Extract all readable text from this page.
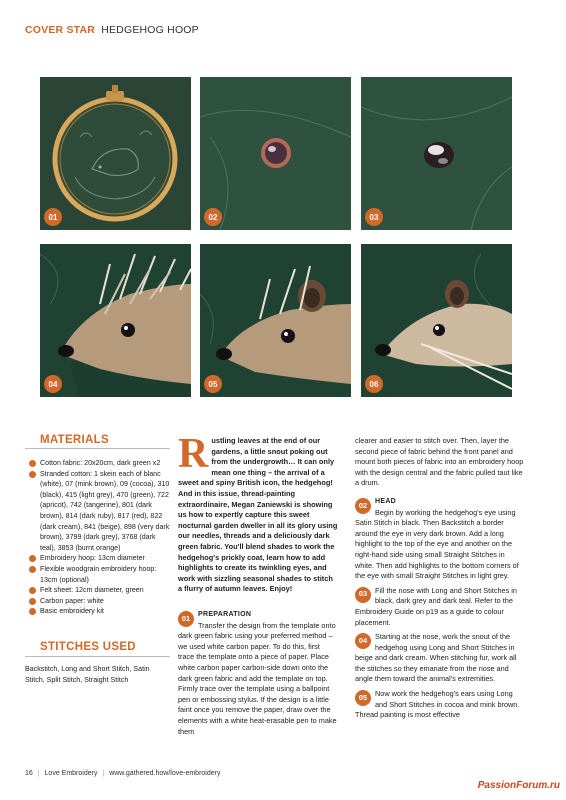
COVER STAR HEDGEHOG HOOP
01	02	03
04	05	06
MATERIALS
Cotton fabric: 20x20cm, dark green x2
Stranded cotton: 1 skein each of blanc (white), 07 (mink brown), 09 (cocoa), 310 (black), 415 (light grey), 470 (green), 722 (apricot), 742 (tangerine), 801 (dark brown), 814 (dark ruby), 817 (red), 822 (dark cream), 841 (beige), 898 (very dark brown), 3799 (dark grey), 3768 (dark teal), 3853 (burnt orange)
Embroidery hoop: 13cm diameter
Flexible woodgrain embroidery hoop: 13cm (optional)
Felt sheet: 12cm diameter, green
Carbon paper: white
Basic embroidery kit
STITCHES USED
Backstitch, Long and Short Stitch, Satin Stitch, Split Stitch, Straight Stitch
Rustling leaves at the end of our gardens, a little snout poking out from the undergrowth… It can only mean one thing – the arrival of a sweet and spiny British icon, the hedgehog! And in this issue, thread-painting extraordinaire, Megan Zaniewski is showing us how to expertly capture this sweet nocturnal garden dweller in all its glory using our needles, threads and a deliciously dark green fabric. You'll blend shades to work the hedgehog's prickly coat, learn how to add highlights to create its twinkling eyes, and work with sizzling seasonal shades to stitch a flurry of autumn leaves. Enjoy!
01	PREPARATION
Transfer the design from the template onto dark green fabric using your preferred method – we used white carbon paper. To do this, first trace the template onto a piece of paper. Place white carbon paper carbon-side down onto the dark green fabric and add the template on top. Firmly trace over the template using a ballpoint pen or embossing stylus. If the design is a little faint once you remove the paper, draw over the elements with a white heat-erasable pen to make them

clearer and easier to stitch over. Then, layer the second piece of fabric behind the front panel and mount both pieces of fabric into an embroidery hoop with the design central and the fabric pulled taut like a drum.

02	HEAD
Begin by working the hedgehog's eye using Satin Stitch in black. Then Backstitch a border around the eye in very dark brown. Add a long highlight to the top of the eye and another on the right-hand side using small Straight Stitches in white. Then add highlights to the bottom corners of the eye with small Straight Stitches in light grey.
03	Fill the nose with Long and Short Stitches in black, dark grey and dark teal. Refer to the Embroidery Guide on p19 as a guide to colour placement.
04	Starting at the nose, work the snout of the hedgehog using Long and Short Stitches in beige and dark cream. When stitching fur, work all the stitches so they emanate from the nose and angle them toward the animal's extremities.
05	Now work the hedgehog's ears using Long and Short Stitches in cocoa and mink brown. Thread painting is most effective
16 | Love Embroidery | www.gathered.how/love-embroidery
PassionForum.ru
